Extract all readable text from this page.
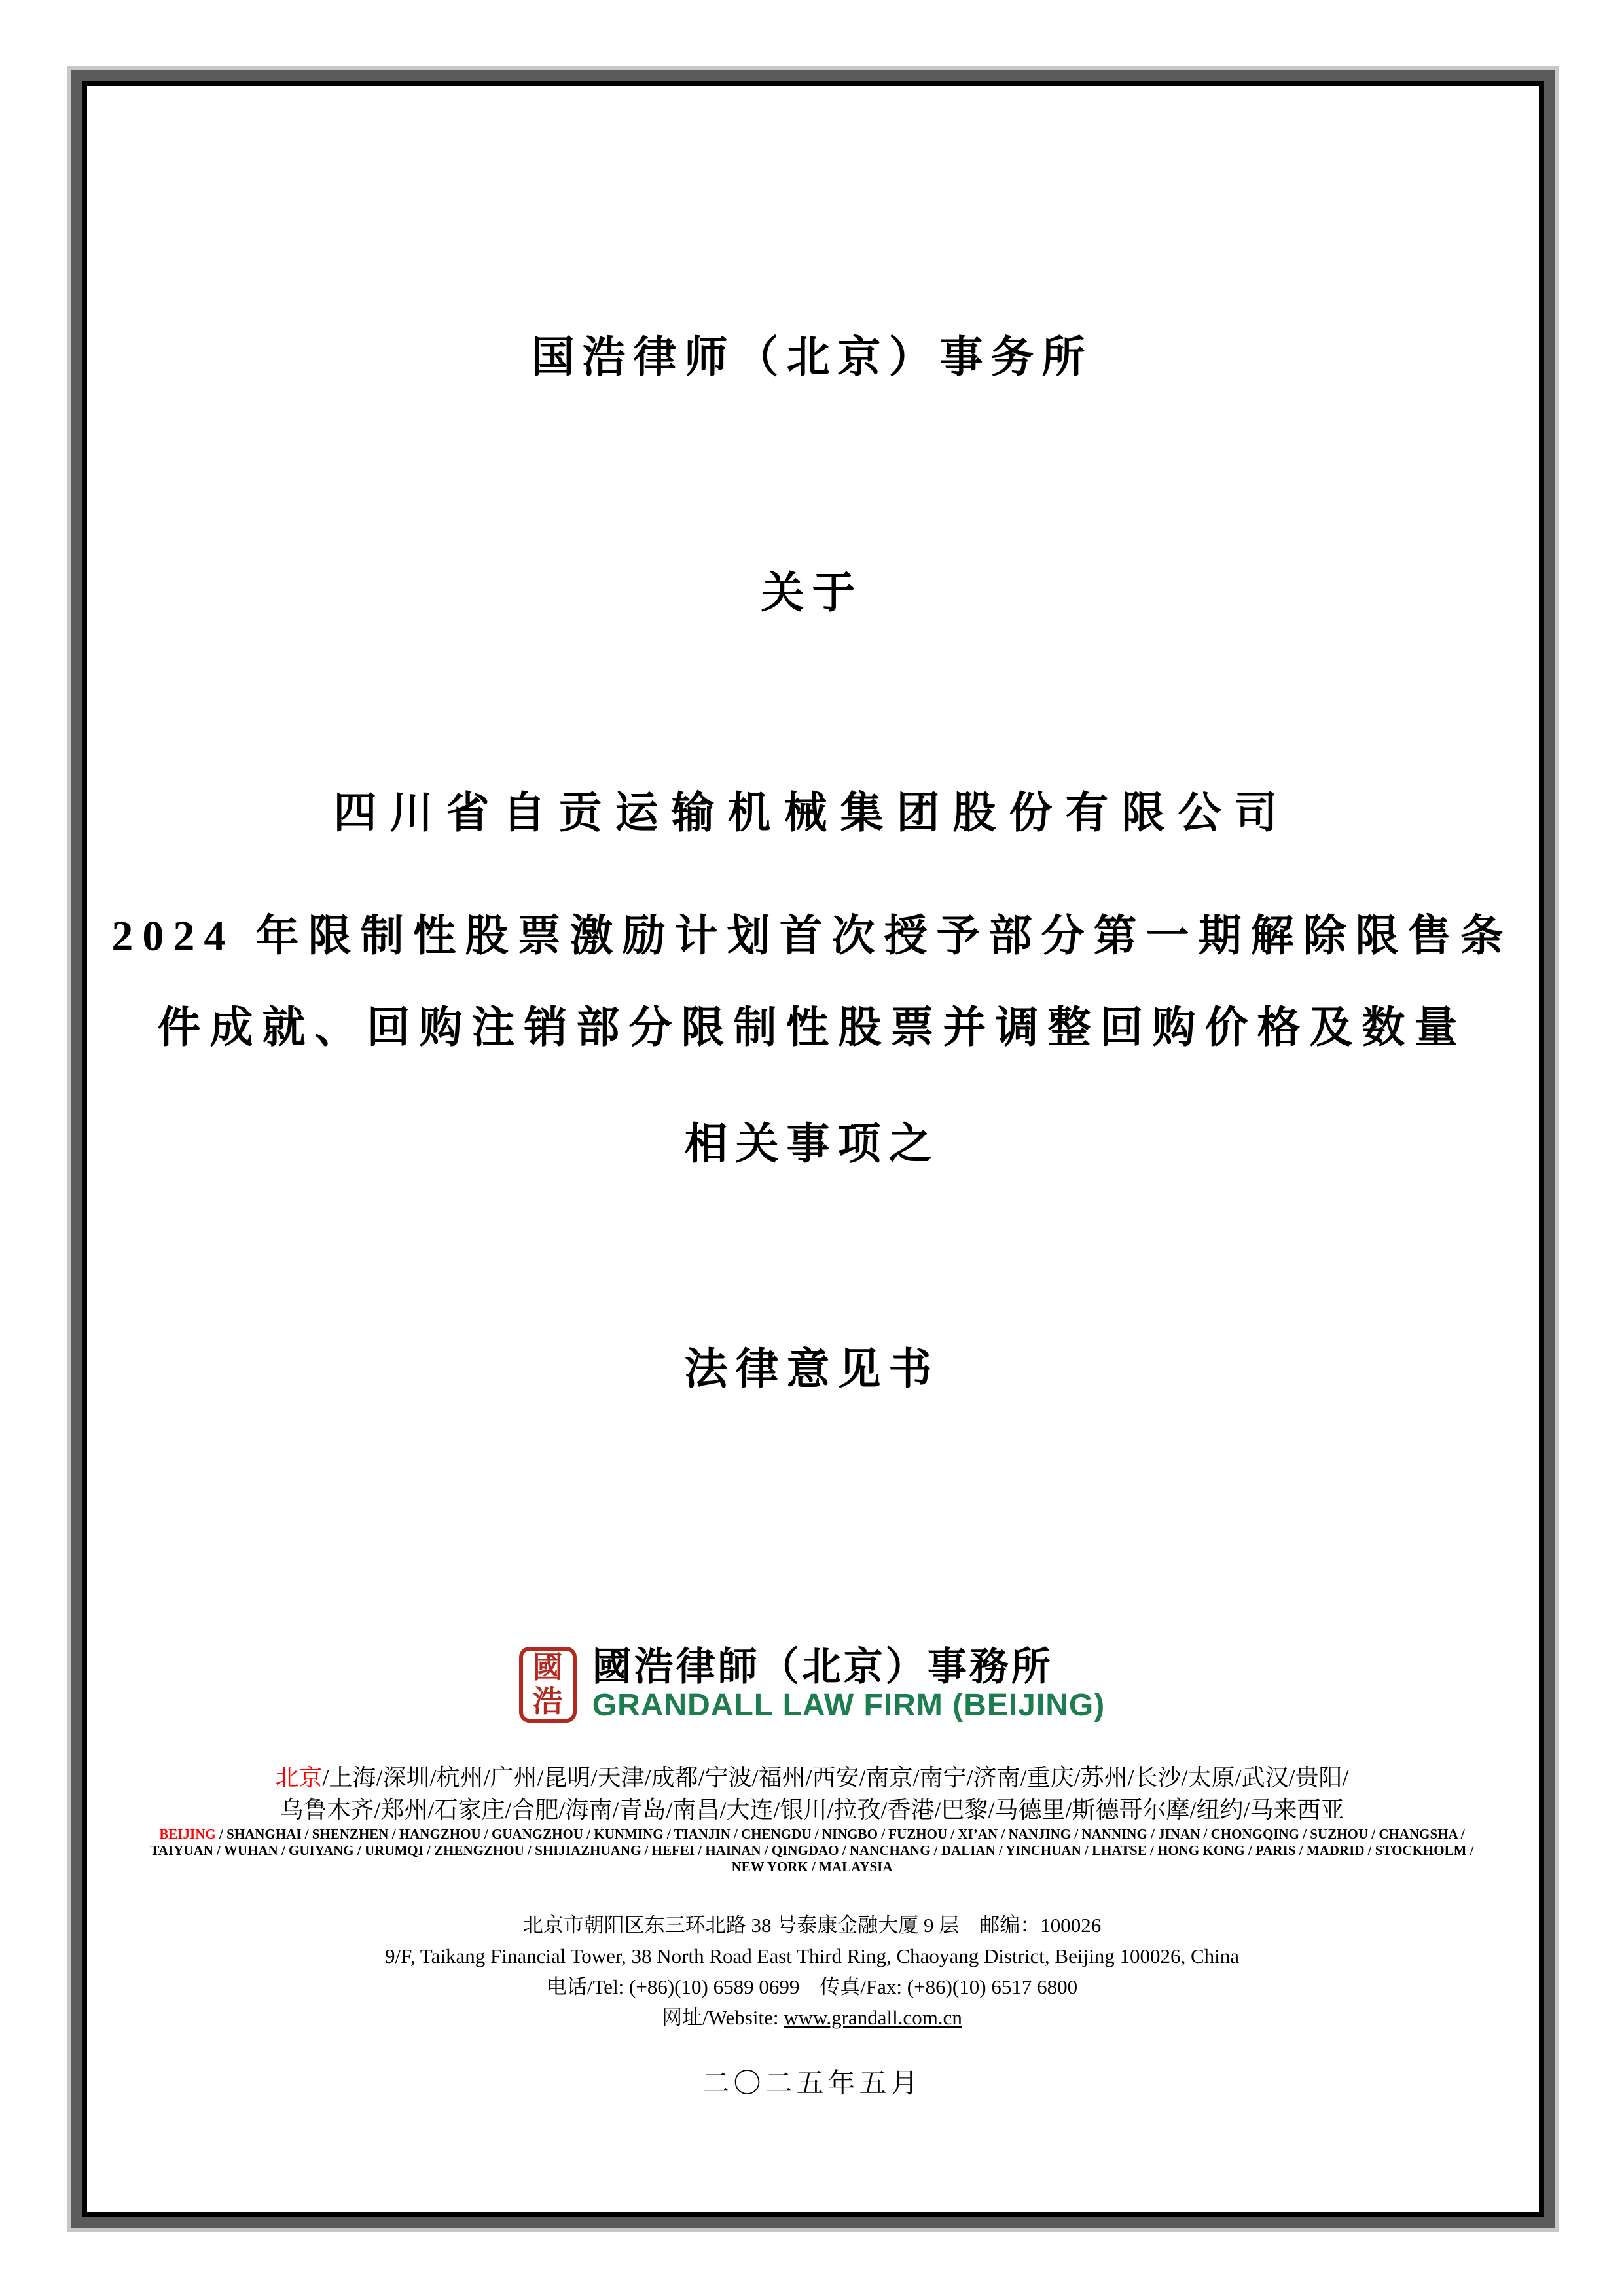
国浩律师（北京）事务所
关于
四川省自贡运输机械集团股份有限公司
2024 年限制性股票激励计划首次授予部分第一期解除限售条
件成就、回购注销部分限制性股票并调整回购价格及数量
相关事项之
法律意见书
國
浩
國浩律師（北京）事務所
GRANDALL LAW FIRM (BEIJING)
北京/上海/深圳/杭州/广州/昆明/天津/成都/宁波/福州/西安/南京/南宁/济南/重庆/苏州/长沙/太原/武汉/贵阳/
乌鲁木齐/郑州/石家庄/合肥/海南/青岛/南昌/大连/银川/拉孜/香港/巴黎/马德里/斯德哥尔摩/纽约/马来西亚
BEIJING / SHANGHAI / SHENZHEN / HANGZHOU / GUANGZHOU / KUNMING / TIANJIN / CHENGDU / NINGBO / FUZHOU / XI’AN / NANJING / NANNING / JINAN / CHONGQING / SUZHOU / CHANGSHA /
TAIYUAN / WUHAN / GUIYANG / URUMQI / ZHENGZHOU / SHIJIAZHUANG / HEFEI / HAINAN / QINGDAO / NANCHANG / DALIAN / YINCHUAN / LHATSE / HONG KONG / PARIS / MADRID / STOCKHOLM /
NEW YORK / MALAYSIA
北京市朝阳区东三环北路 38 号泰康金融大厦 9 层　邮编：100026
9/F, Taikang Financial Tower, 38 North Road East Third Ring, Chaoyang District, Beijing 100026, China
电话/Tel: (+86)(10) 6589 0699　传真/Fax: (+86)(10) 6517 6800
网址/Website: www.grandall.com.cn
二〇二五年五月
